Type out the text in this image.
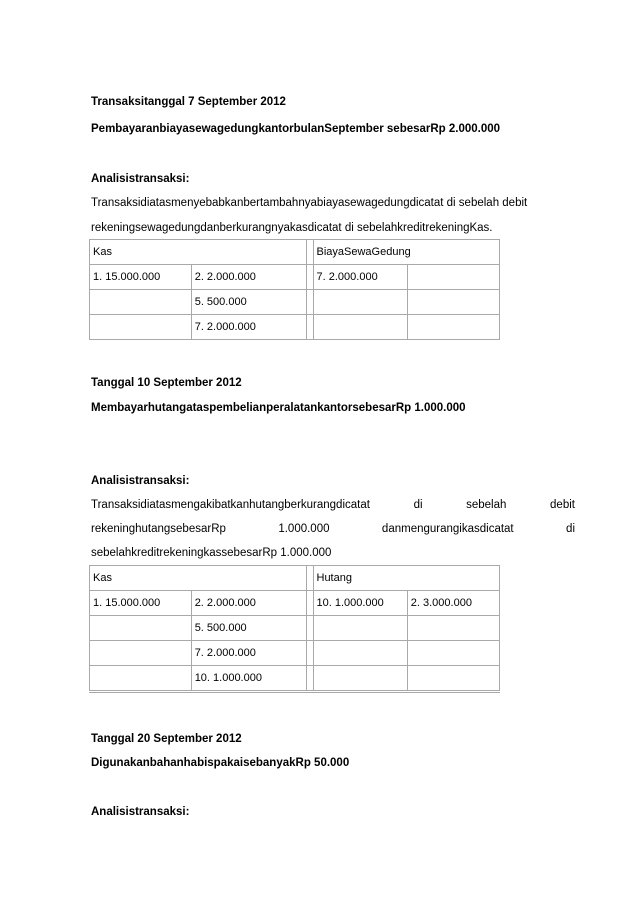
Transaksitanggal 7 September 2012
PembayaranbiayasewagedungkantorbulanSeptember sebesarRp 2.000.000
Analisistransaksi:
Transaksidiatasmenyebabkanbertambahnyabiayasewagedungdicatat di sebelah debit
rekeningsewagedungdanberkurangnyakasdicatat di sebelahkreditrekeningKas.
Kas			BiayaSewaGedung	
1. 15.000.000	2. 2.000.000		7. 2.000.000	
	5. 500.000			
	7. 2.000.000			
Tanggal 10 September 2012
MembayarhutangataspembelianperalatankantorsebesarRp 1.000.000
Analisistransaksi:
Transaksidiatasmengakibatkanhutangberkurangdicatat	di	sebelah	debit
rekeninghutangsebesarRp	1.000.000	danmengurangikasdicatat	di
sebelahkreditrekeningkassebesarRp 1.000.000
Kas			Hutang	
1. 15.000.000	2. 2.000.000		10. 1.000.000	2. 3.000.000
	5. 500.000			
	7. 2.000.000			
	10. 1.000.000			
Tanggal 20 September 2012
DigunakanbahanhabispakaisebanyakRp 50.000
Analisistransaksi:
